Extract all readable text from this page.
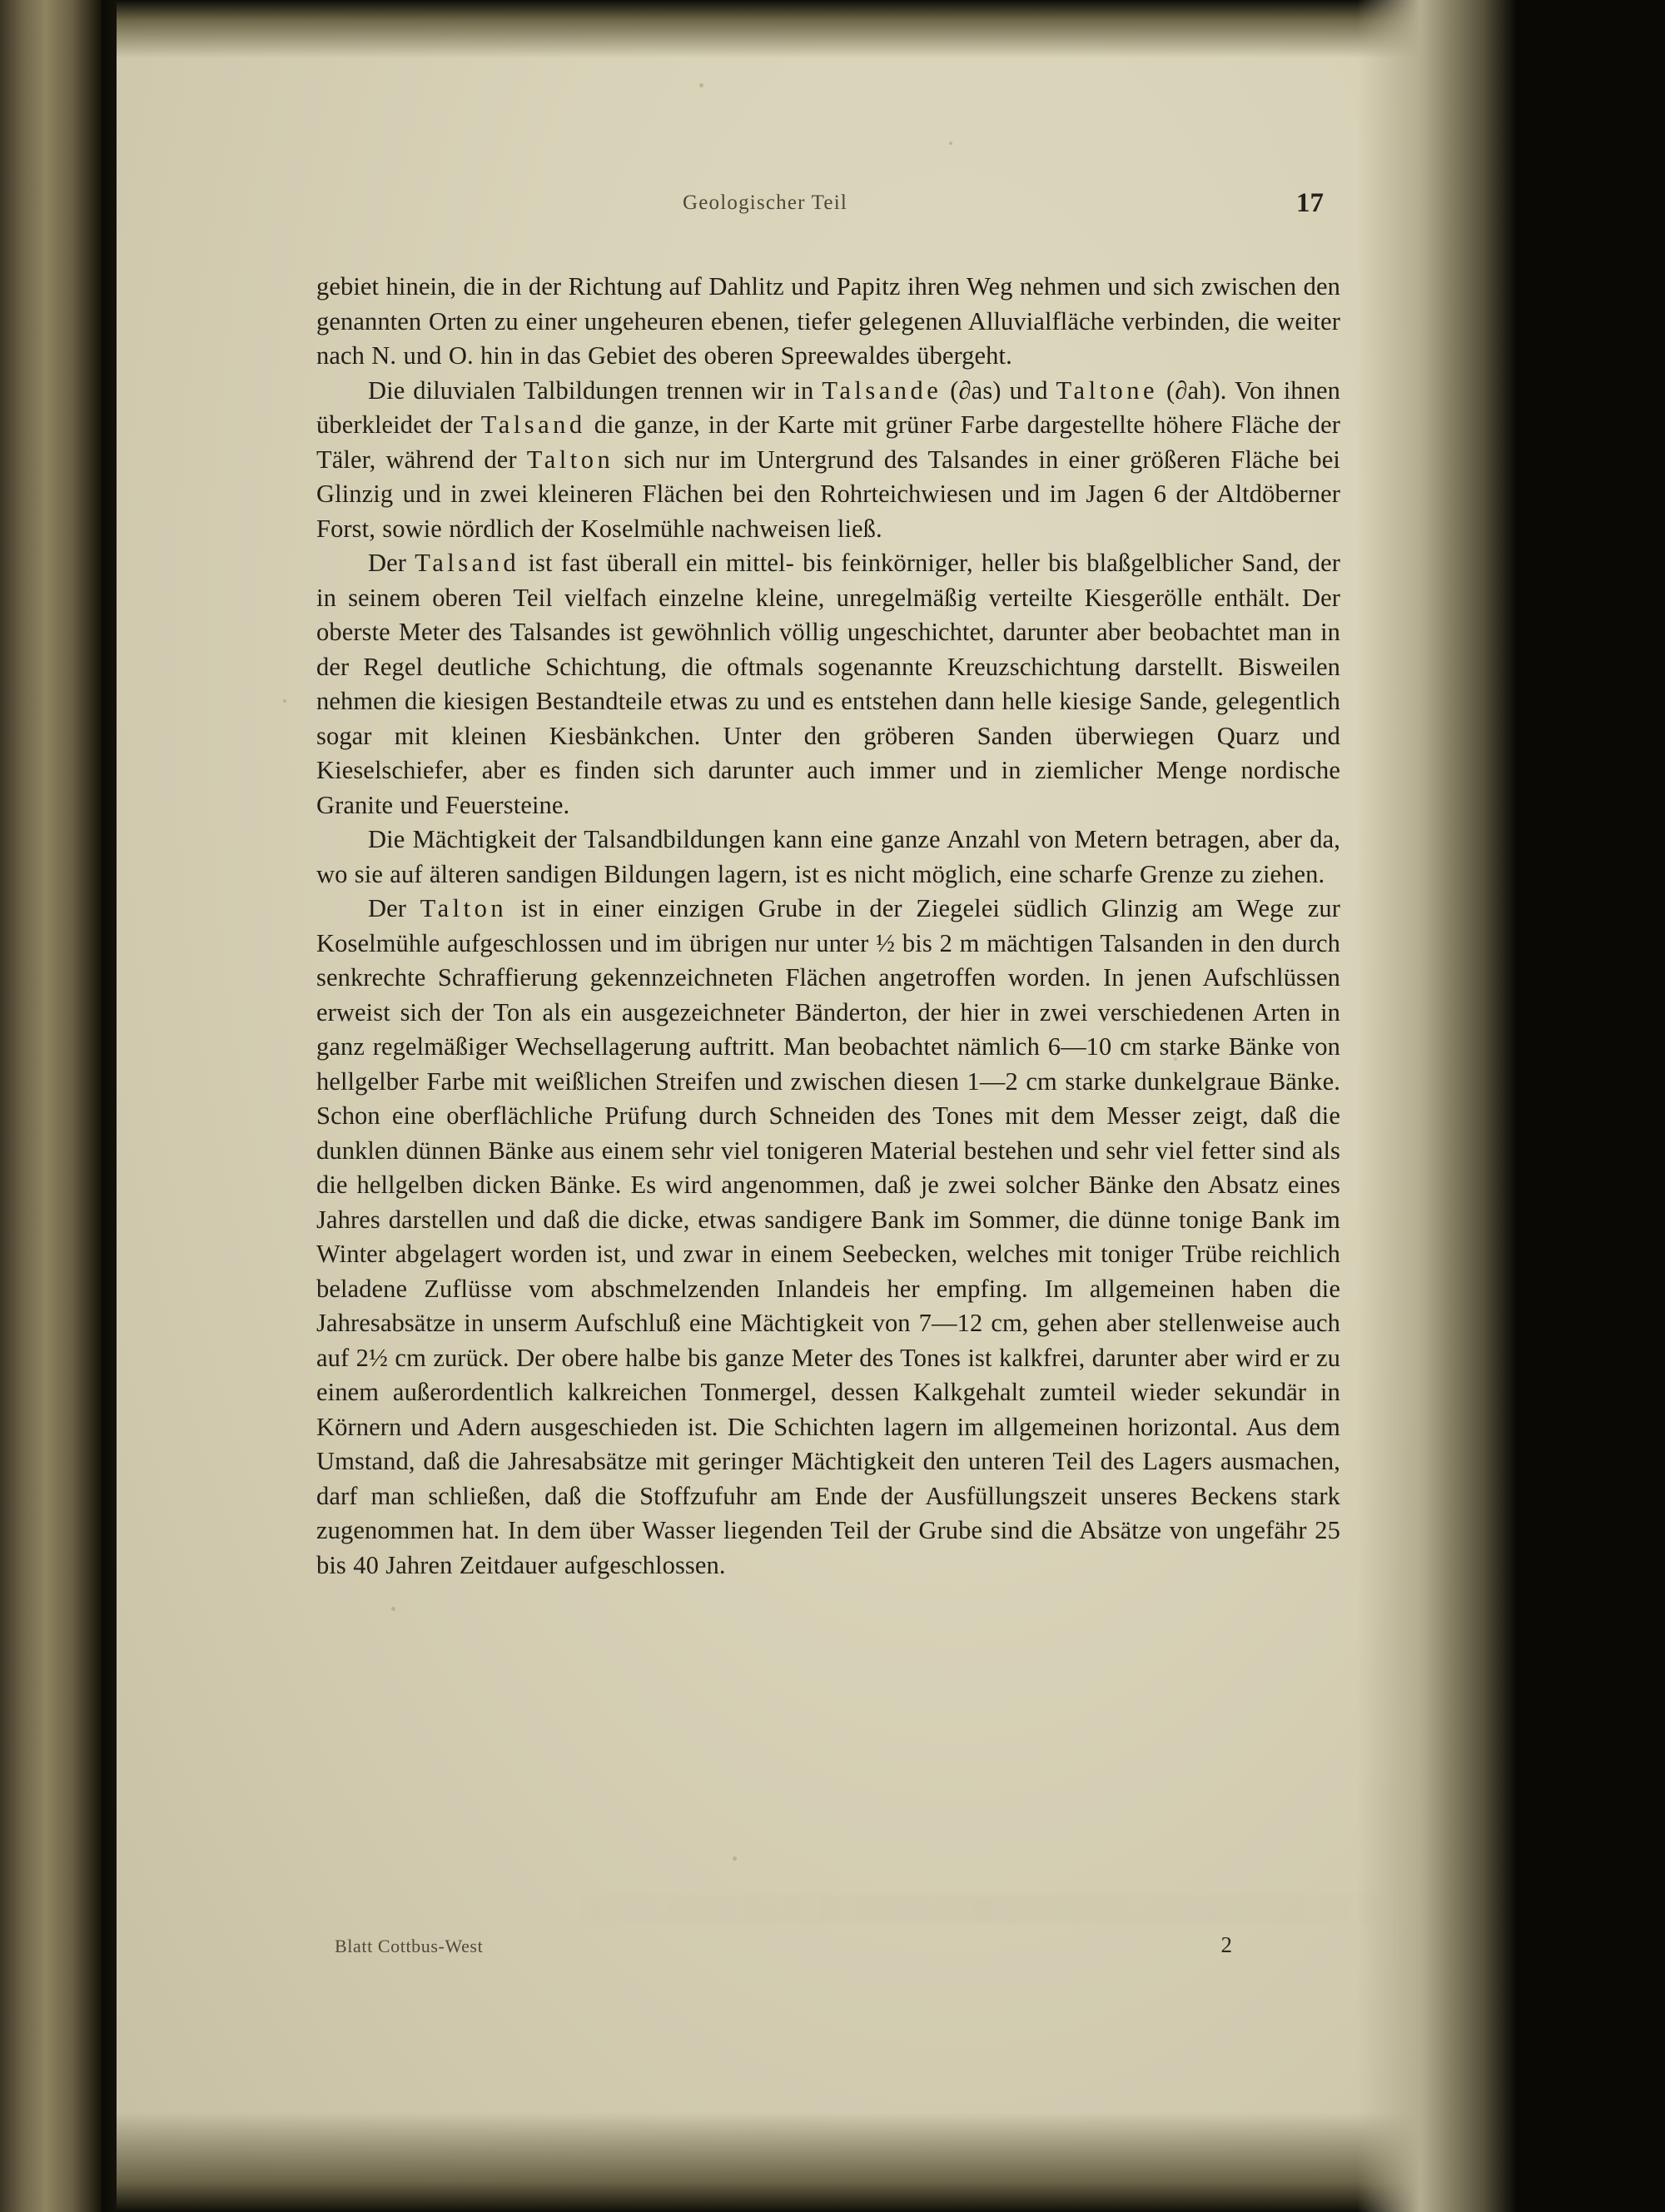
Geologischer Teil	17

gebiet hinein, die in der Richtung auf Dahlitz und Papitz ihren Weg nehmen und sich zwischen den genannten Orten zu einer ungeheuren ebenen, tiefer gelegenen Alluvialfläche verbinden, die weiter nach N. und O. hin in das Gebiet des oberen Spreewaldes übergeht.

Die diluvialen Talbildungen trennen wir in Talsande (∂as) und Taltone (∂ah). Von ihnen überkleidet der Talsand die ganze, in der Karte mit grüner Farbe dargestellte höhere Fläche der Täler, während der Talton sich nur im Untergrund des Talsandes in einer größeren Fläche bei Glinzig und in zwei kleineren Flächen bei den Rohrteichwiesen und im Jagen 6 der Altdöberner Forst, sowie nördlich der Koselmühle nachweisen ließ.

Der Talsand ist fast überall ein mittel- bis feinkörniger, heller bis blaßgelblicher Sand, der in seinem oberen Teil vielfach einzelne kleine, unregelmäßig verteilte Kiesgerölle enthält. Der oberste Meter des Talsandes ist gewöhnlich völlig ungeschichtet, darunter aber beobachtet man in der Regel deutliche Schichtung, die oftmals sogenannte Kreuzschichtung darstellt. Bisweilen nehmen die kiesigen Bestandteile etwas zu und es entstehen dann helle kiesige Sande, gelegentlich sogar mit kleinen Kiesbänkchen. Unter den gröberen Sanden überwiegen Quarz und Kieselschiefer, aber es finden sich darunter auch immer und in ziemlicher Menge nordische Granite und Feuersteine.

Die Mächtigkeit der Talsandbildungen kann eine ganze Anzahl von Metern betragen, aber da, wo sie auf älteren sandigen Bildungen lagern, ist es nicht möglich, eine scharfe Grenze zu ziehen.

Der Talton ist in einer einzigen Grube in der Ziegelei südlich Glinzig am Wege zur Koselmühle aufgeschlossen und im übrigen nur unter ½ bis 2 m mächtigen Talsanden in den durch senkrechte Schraffierung gekennzeichneten Flächen angetroffen worden. In jenen Aufschlüssen erweist sich der Ton als ein ausgezeichneter Bänderton, der hier in zwei verschiedenen Arten in ganz regelmäßiger Wechsellagerung auftritt. Man beobachtet nämlich 6—10 cm starke Bänke von hellgelber Farbe mit weißlichen Streifen und zwischen diesen 1—2 cm starke dunkelgraue Bänke. Schon eine oberflächliche Prüfung durch Schneiden des Tones mit dem Messer zeigt, daß die dunklen dünnen Bänke aus einem sehr viel tonigeren Material bestehen und sehr viel fetter sind als die hellgelben dicken Bänke. Es wird angenommen, daß je zwei solcher Bänke den Absatz eines Jahres darstellen und daß die dicke, etwas sandigere Bank im Sommer, die dünne tonige Bank im Winter abgelagert worden ist, und zwar in einem Seebecken, welches mit toniger Trübe reichlich beladene Zuflüsse vom abschmelzenden Inlandeis her empfing. Im allgemeinen haben die Jahresabsätze in unserm Aufschluß eine Mächtigkeit von 7—12 cm, gehen aber stellenweise auch auf 2½ cm zurück. Der obere halbe bis ganze Meter des Tones ist kalkfrei, darunter aber wird er zu einem außerordentlich kalkreichen Tonmergel, dessen Kalkgehalt zumteil wieder sekundär in Körnern und Adern ausgeschieden ist. Die Schichten lagern im allgemeinen horizontal. Aus dem Umstand, daß die Jahresabsätze mit geringer Mächtigkeit den unteren Teil des Lagers ausmachen, darf man schließen, daß die Stoffzufuhr am Ende der Ausfüllungszeit unseres Beckens stark zugenommen hat. In dem über Wasser liegenden Teil der Grube sind die Absätze von ungefähr 25 bis 40 Jahren Zeitdauer aufgeschlossen.

Blatt Cottbus-West	2
